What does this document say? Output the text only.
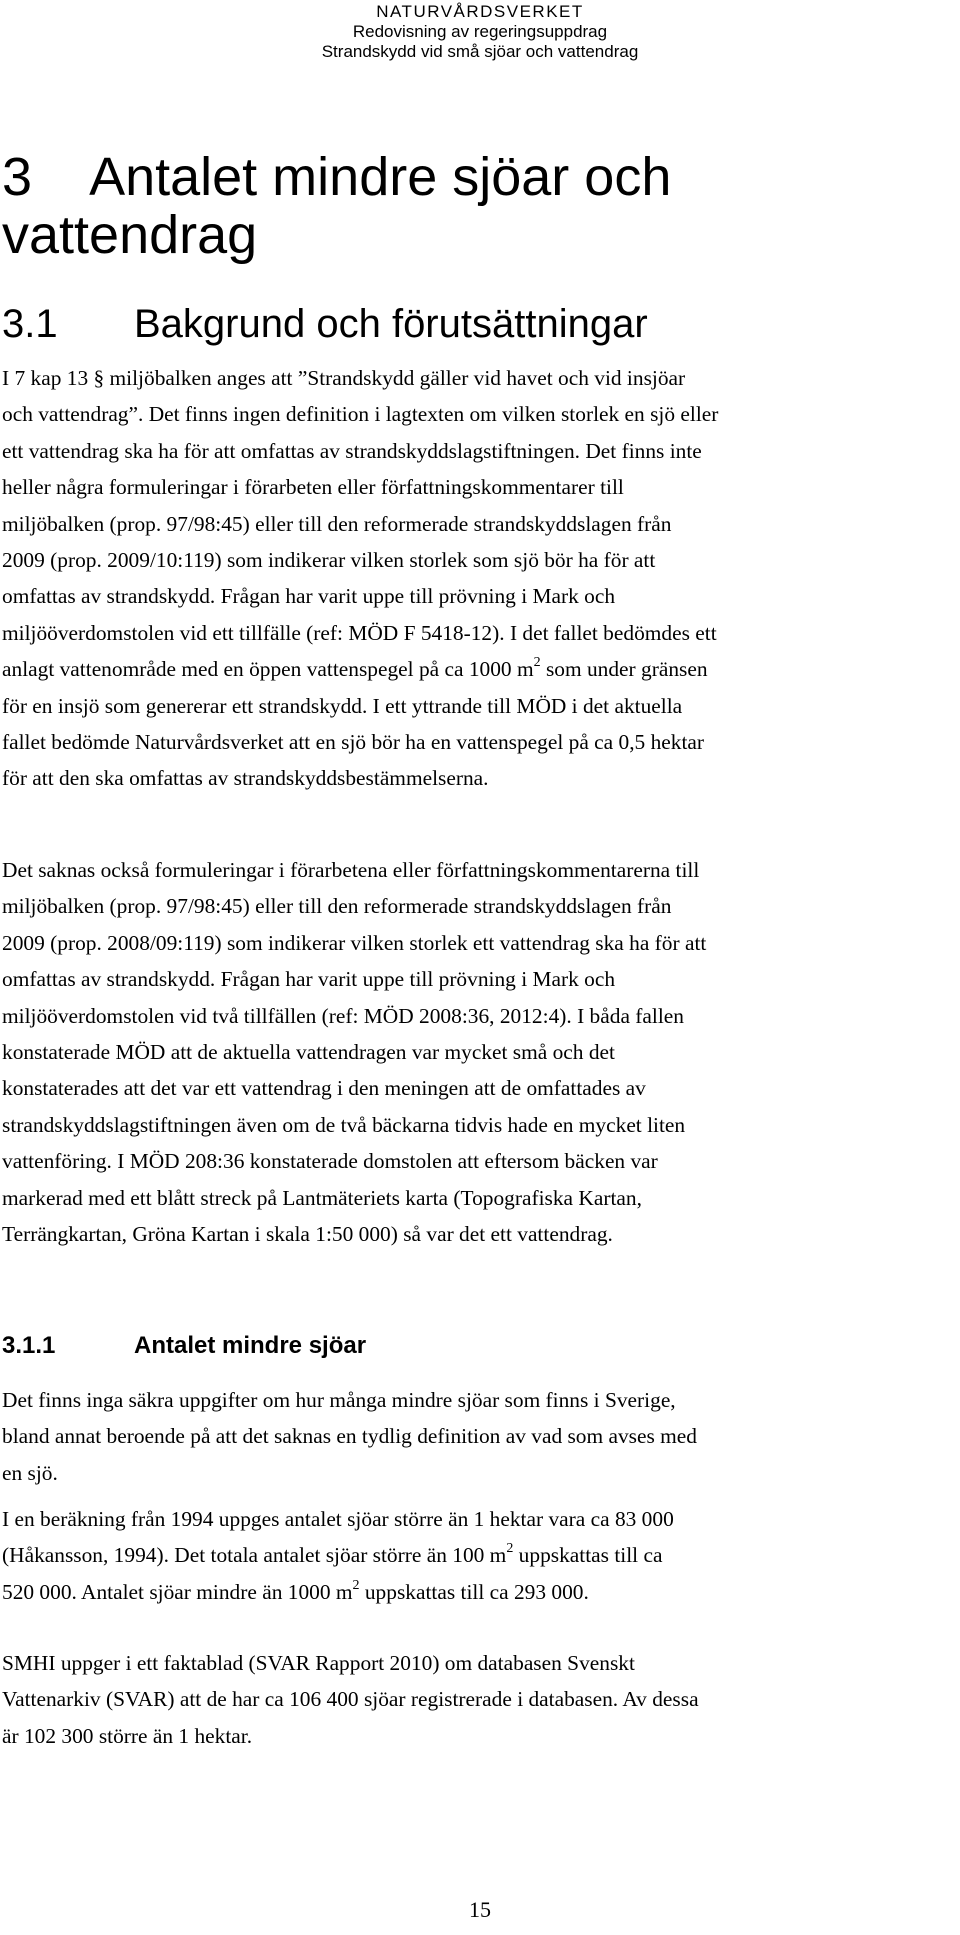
NATURVÅRDSVERKET
Redovisning av regeringsuppdrag
Strandskydd vid små sjöar och vattendrag
3    Antalet mindre sjöar och
vattendrag
3.1 Bakgrund och förutsättningar
I 7 kap 13 § miljöbalken anges att ”Strandskydd gäller vid havet och vid insjöar
och vattendrag”. Det finns ingen definition i lagtexten om vilken storlek en sjö eller
ett vattendrag ska ha för att omfattas av strandskyddslagstiftningen. Det finns inte
heller några formuleringar i förarbeten eller författningskommentarer till
miljöbalken (prop. 97/98:45) eller till den reformerade strandskyddslagen från
2009 (prop. 2009/10:119) som indikerar vilken storlek som sjö bör ha för att
omfattas av strandskydd. Frågan har varit uppe till prövning i Mark och
miljööverdomstolen vid ett tillfälle (ref: MÖD F 5418-12). I det fallet bedömdes ett
anlagt vattenområde med en öppen vattenspegel på ca 1000 $m^2$ som under gränsen
för en insjö som genererar ett strandskydd. I ett yttrande till MÖD i det aktuella
fallet bedömde Naturvårdsverket att en sjö bör ha en vattenspegel på ca 0,5 hektar
för att den ska omfattas av strandskyddsbestämmelserna.
Det saknas också formuleringar i förarbetena eller författningskommentarerna till
miljöbalken (prop. 97/98:45) eller till den reformerade strandskyddslagen från
2009 (prop. 2008/09:119) som indikerar vilken storlek ett vattendrag ska ha för att
omfattas av strandskydd. Frågan har varit uppe till prövning i Mark och
miljööverdomstolen vid två tillfällen (ref: MÖD 2008:36, 2012:4). I båda fallen
konstaterade MÖD att de aktuella vattendragen var mycket små och det
konstaterades att det var ett vattendrag i den meningen att de omfattades av
strandskyddslagstiftningen även om de två bäckarna tidvis hade en mycket liten
vattenföring. I MÖD 208:36 konstaterade domstolen att eftersom bäcken var
markerad med ett blått streck på Lantmäteriets karta (Topografiska Kartan,
Terrängkartan, Gröna Kartan i skala 1:50 000) så var det ett vattendrag.
3.1.1	Antalet mindre sjöar
Det finns inga säkra uppgifter om hur många mindre sjöar som finns i Sverige,
bland annat beroende på att det saknas en tydlig definition av vad som avses med
en sjö.
I en beräkning från 1994 uppges antalet sjöar större än 1 hektar vara ca 83 000
(Håkansson, 1994). Det totala antalet sjöar större än 100 $m^2$ uppskattas till ca
520 000. Antalet sjöar mindre än 1000 $m^2$ uppskattas till ca 293 000.
SMHI uppger i ett faktablad (SVAR Rapport 2010) om databasen Svenskt
Vattenarkiv (SVAR) att de har ca 106 400 sjöar registrerade i databasen. Av dessa
är 102 300 större än 1 hektar.
15
